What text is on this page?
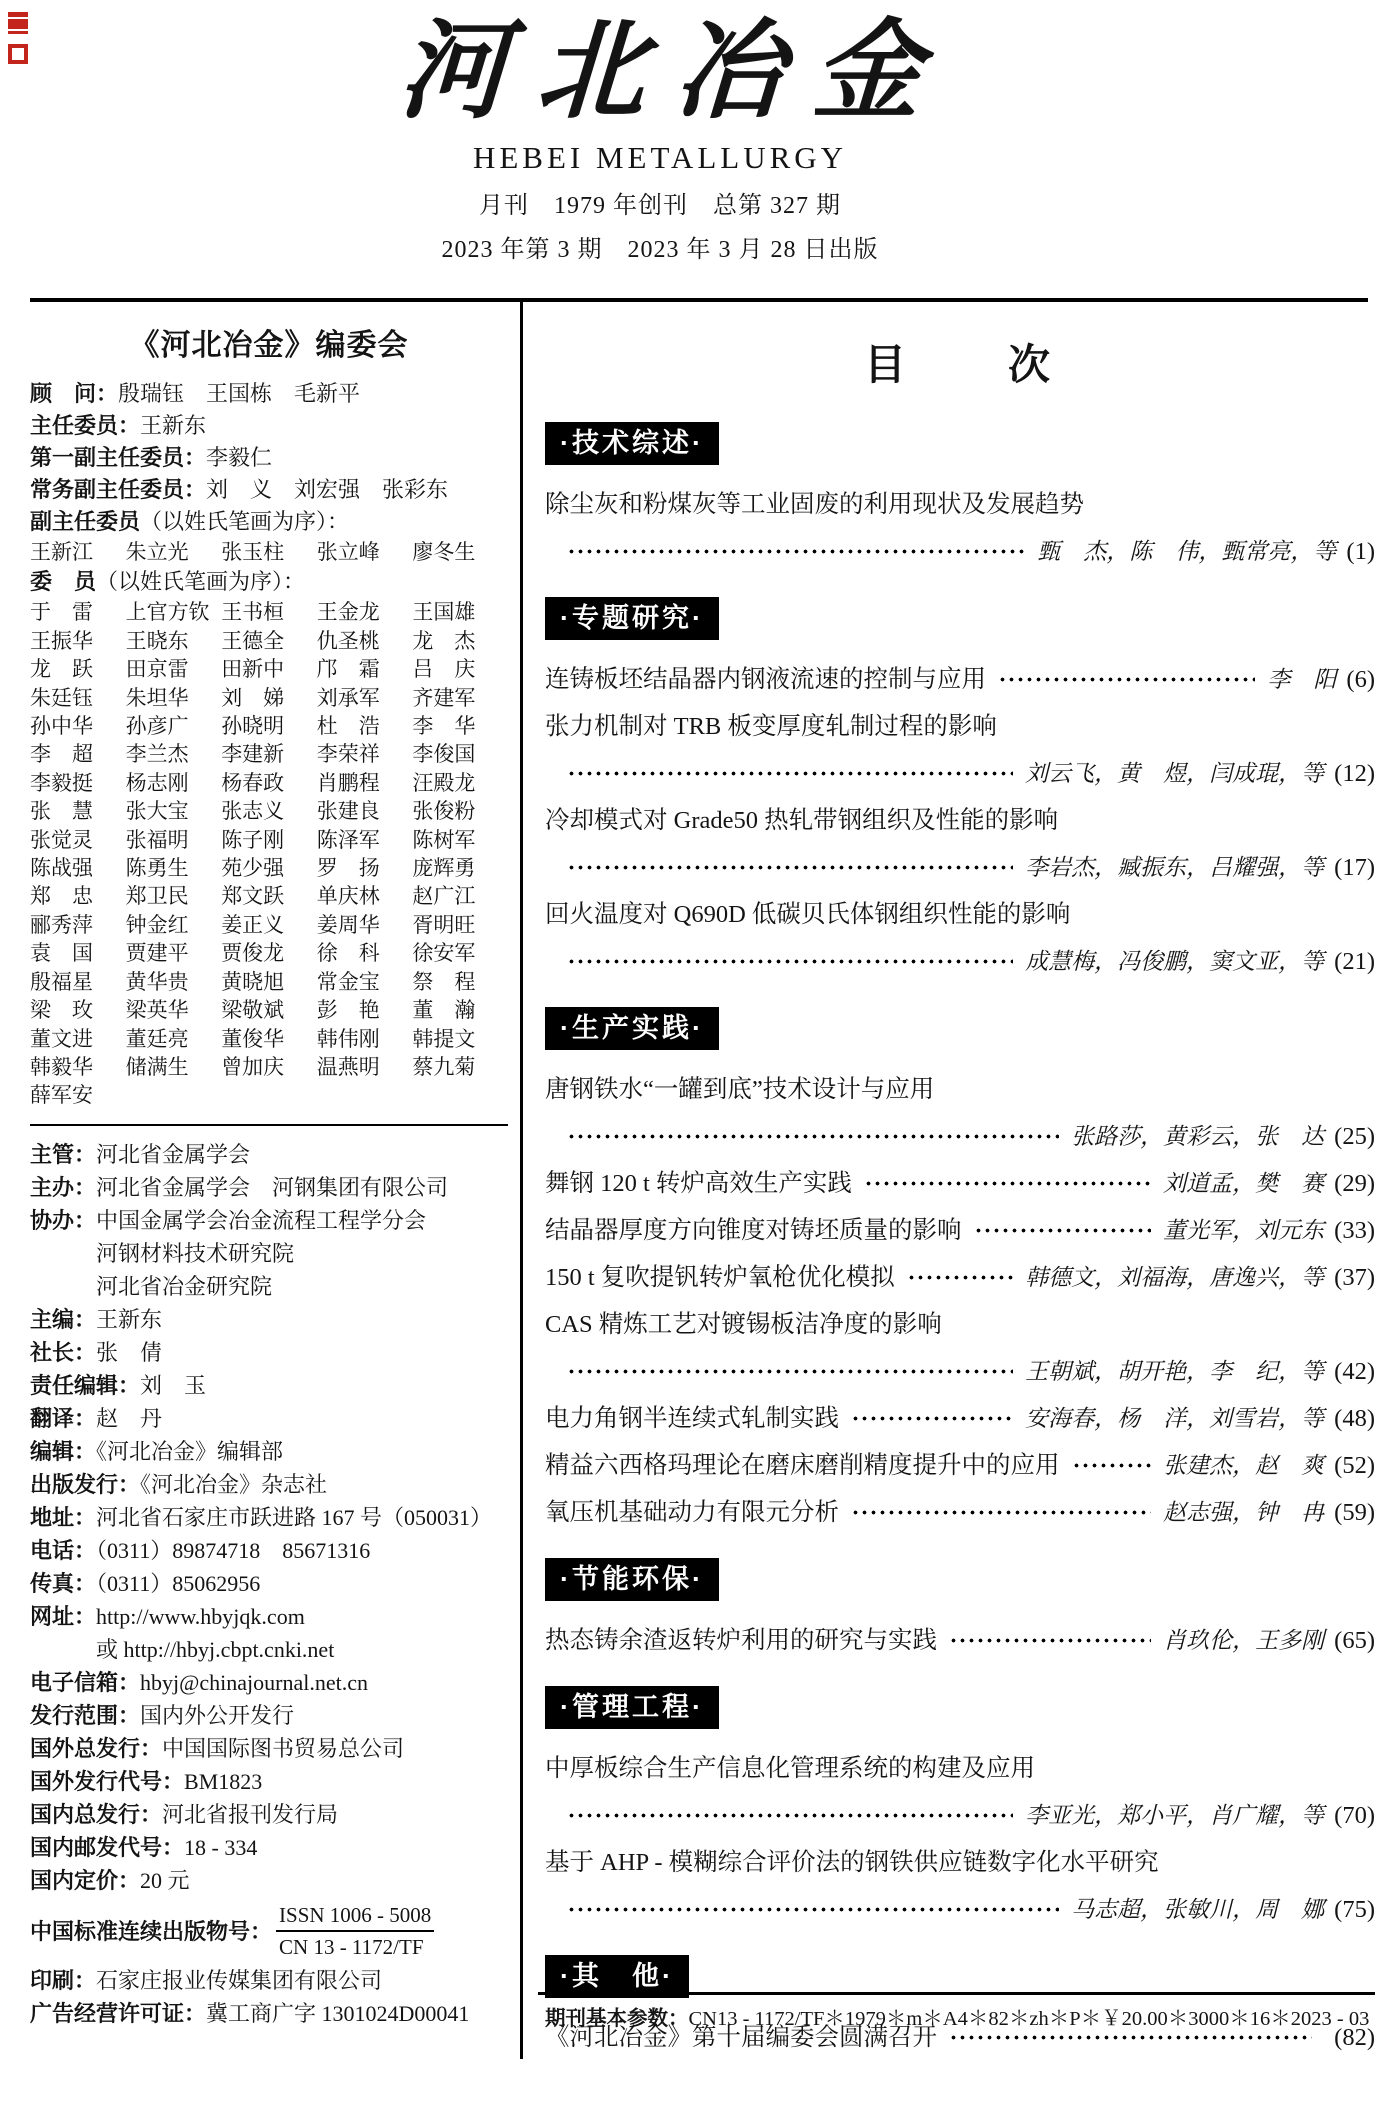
河北冶金
HEBEI METALLURGY
月刊　1979 年创刊　总第 327 期
2023 年第 3 期　2023 年 3 月 28 日出版
《河北冶金》编委会
顾　问：殷瑞钰　王国栋　毛新平
主任委员：王新东
第一副主任委员：李毅仁
常务副主任委员：刘　义　刘宏强　张彩东
副主任委员（以姓氏笔画为序）：
王新江	朱立光	张玉柱	张立峰	廖冬生
委　员（以姓氏笔画为序）：
于　雷	上官方钦 王书桓	王金龙	王国雄
王振华	王晓东	王德全	仇圣桃	龙　杰
龙　跃	田京雷	田新中	邝　霜	吕　庆
朱廷钰	朱坦华	刘　娣	刘承军	齐建军
孙中华	孙彦广	孙晓明	杜　浩	李　华
李　超	李兰杰	李建新	李荣祥	李俊国
李毅挺	杨志刚	杨春政	肖鹏程	汪殿龙
张　慧	张大宝	张志义	张建良	张俊粉
张觉灵	张福明	陈子刚	陈泽军	陈树军
陈战强	陈勇生	苑少强	罗　扬	庞辉勇
郑　忠	郑卫民	郑文跃	单庆林	赵广江
郦秀萍	钟金红	姜正义	姜周华	胥明旺
袁　国	贾建平	贾俊龙	徐　科	徐安军
殷福星	黄华贵	黄晓旭	常金宝	祭　程
梁　玫	梁英华	梁敬斌	彭　艳	董　瀚
董文进	董廷亮	董俊华	韩伟刚	韩提文
韩毅华	储满生	曾加庆	温燕明	蔡九菊
薛军安
主管：河北省金属学会
主办：河北省金属学会　河钢集团有限公司
协办：中国金属学会冶金流程工程学分会
　　　河钢材料技术研究院
　　　河北省冶金研究院
主编：王新东
社长：张　倩
责任编辑：刘　玉
翻译：赵　丹
编辑：《河北冶金》编辑部
出版发行：《河北冶金》杂志社
地址：河北省石家庄市跃进路 167 号（050031）
电话：（0311）89874718　85671316
传真：（0311）85062956
网址：http://www.hbyjqk.com
　　　或 http://hbyj.cbpt.cnki.net
电子信箱：hbyj@chinajournal.net.cn
发行范围：国内外公开发行
国外总发行：中国国际图书贸易总公司
国外发行代号：BM1823
国内总发行：河北省报刊发行局
国内邮发代号：18 - 334
国内定价：20 元
中国标准连续出版物号： $\frac{\text{ISSN 1006 - 5008}}{CN 13 - 1172/TF}$
印刷：石家庄报业传媒集团有限公司
广告经营许可证：冀工商广字 1301024D00041
目　　次
·技术综述·
除尘灰和粉煤灰等工业固废的利用现状及发展趋势
甄　杰，陈　伟，甄常亮，等 (1)
·专题研究·
连铸板坯结晶器内钢液流速的控制与应用	李　阳 (6)
张力机制对 TRB 板变厚度轧制过程的影响
刘云飞，黄　煜，闫成琨，等 (12)
冷却模式对 Grade50 热轧带钢组织及性能的影响
李岩杰，臧振东，吕耀强，等 (17)
回火温度对 Q690D 低碳贝氏体钢组织性能的影响
成慧梅，冯俊鹏，窦文亚，等 (21)
·生产实践·
唐钢铁水“一罐到底”技术设计与应用
张路莎，黄彩云，张　达 (25)
舞钢 120 t 转炉高效生产实践	刘道孟，樊　赛 (29)
结晶器厚度方向锥度对铸坯质量的影响	董光军，刘元东 (33)
150 t 复吹提钒转炉氧枪优化模拟	韩德文，刘福海，唐逸兴，等 (37)
CAS 精炼工艺对镀锡板洁净度的影响
王朝斌，胡开艳，李　纪，等 (42)
电力角钢半连续式轧制实践	安海春，杨　洋，刘雪岩，等 (48)
精益六西格玛理论在磨床磨削精度提升中的应用	张建杰，赵　爽 (52)
氧压机基础动力有限元分析	赵志强，钟　冉 (59)
·节能环保·
热态铸余渣返转炉利用的研究与实践	肖玖伦，王多刚 (65)
·管理工程·
中厚板综合生产信息化管理系统的构建及应用
李亚光，郑小平，肖广耀，等 (70)
基于 AHP - 模糊综合评价法的钢铁供应链数字化水平研究
马志超，张敏川，周　娜 (75)
·其　他·
《河北冶金》第十届编委会圆满召开	(82)
期刊基本参数：CN13 - 1172/TF＊1979＊m＊A4＊82＊zh＊P＊￥20.00＊3000＊16＊2023 - 03
